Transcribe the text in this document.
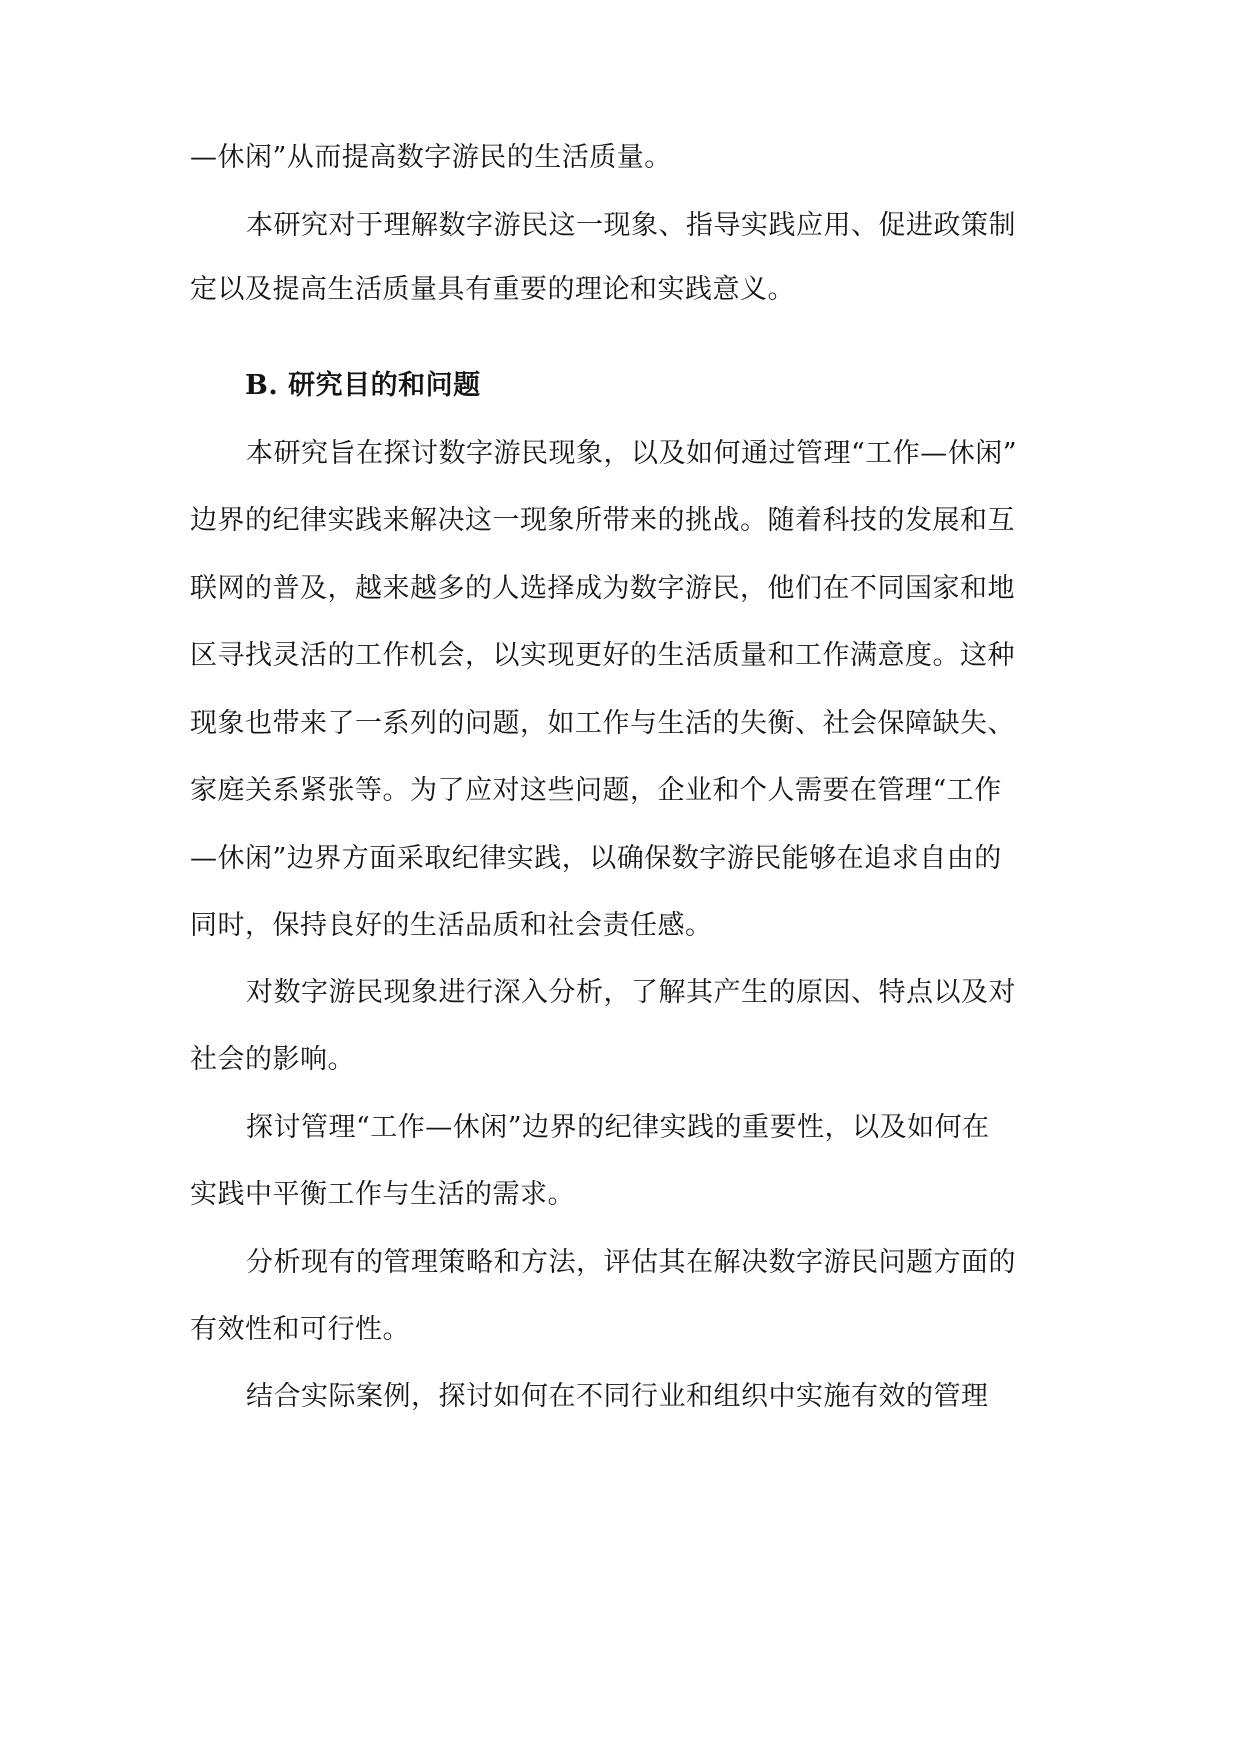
—休闲”从而提高数字游民的生活质量。
本研究对于理解数字游民这一现象、指导实践应用、促进政策制
定以及提高生活质量具有重要的理论和实践意义。
B. 研究目的和问题
本研究旨在探讨数字游民现象，以及如何通过管理“工作—休闲”
边界的纪律实践来解决这一现象所带来的挑战。随着科技的发展和互
联网的普及，越来越多的人选择成为数字游民，他们在不同国家和地
区寻找灵活的工作机会，以实现更好的生活质量和工作满意度。这种
现象也带来了一系列的问题，如工作与生活的失衡、社会保障缺失、
家庭关系紧张等。为了应对这些问题，企业和个人需要在管理“工作
—休闲”边界方面采取纪律实践，以确保数字游民能够在追求自由的
同时，保持良好的生活品质和社会责任感。
对数字游民现象进行深入分析，了解其产生的原因、特点以及对
社会的影响。
探讨管理“工作—休闲”边界的纪律实践的重要性，以及如何在
实践中平衡工作与生活的需求。
分析现有的管理策略和方法，评估其在解决数字游民问题方面的
有效性和可行性。
结合实际案例，探讨如何在不同行业和组织中实施有效的管理
